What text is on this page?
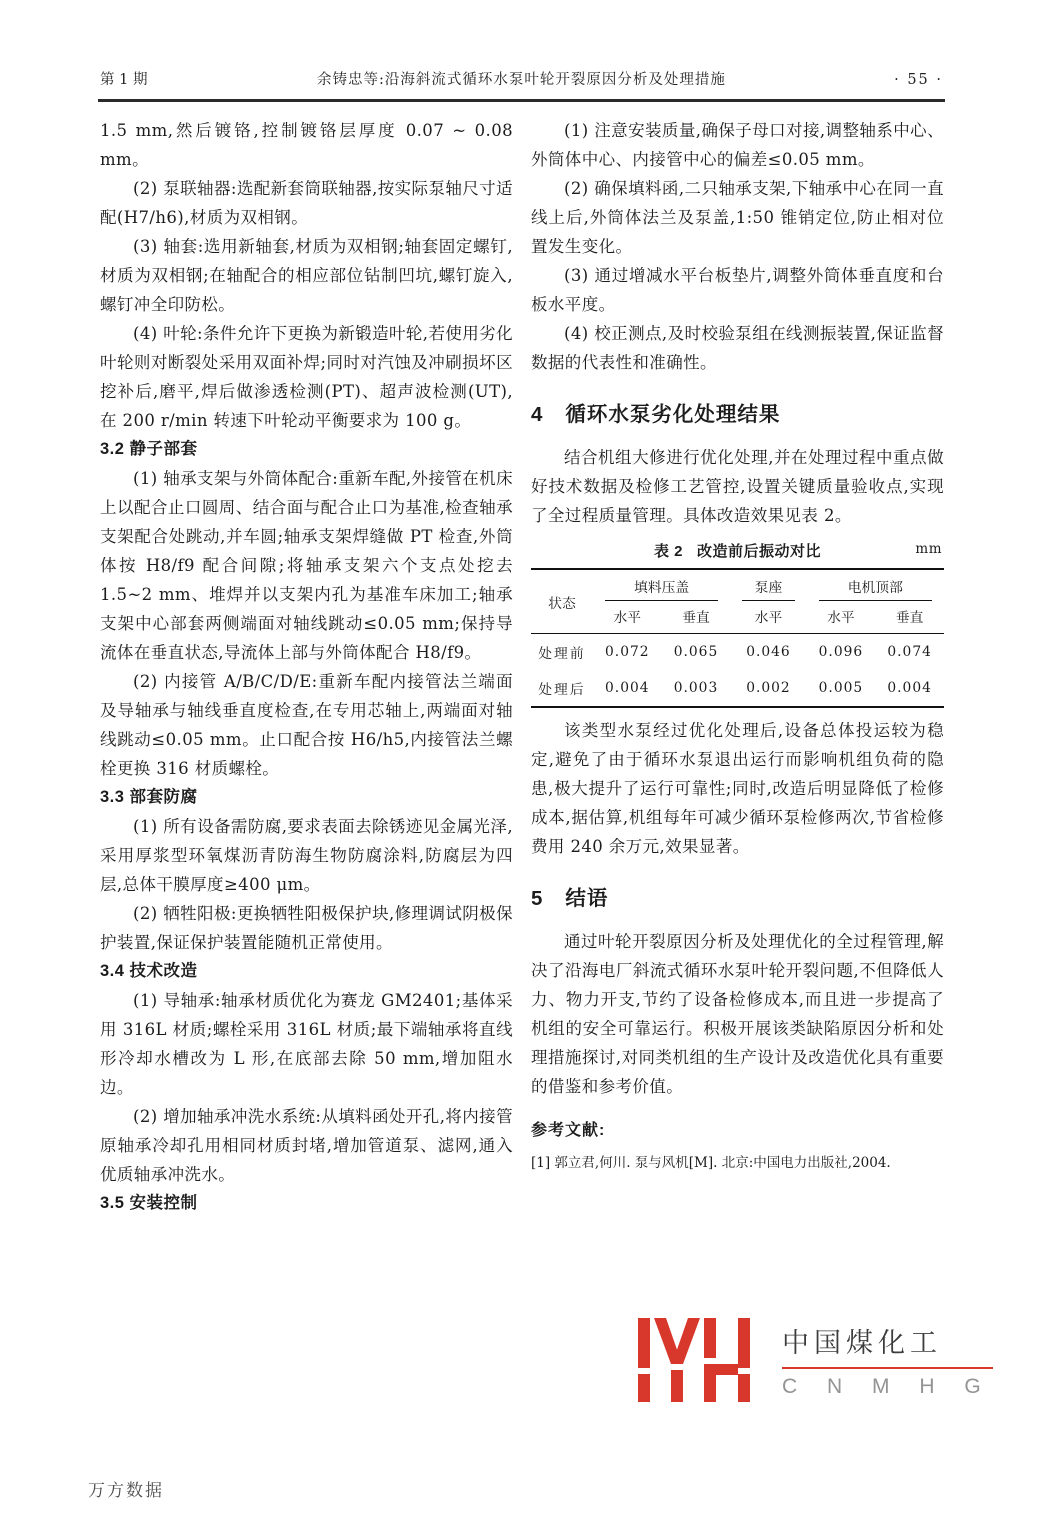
第 1 期	余铸忠等:沿海斜流式循环水泵叶轮开裂原因分析及处理措施	· 55 ·

1.5 mm,然后镀铬,控制镀铬层厚度 0.07 ~ 0.08 mm。

(2) 泵联轴器:选配新套筒联轴器,按实际泵轴尺寸适配(H7/h6),材质为双相钢。

(3) 轴套:选用新轴套,材质为双相钢;轴套固定螺钉,材质为双相钢;在轴配合的相应部位钻制凹坑,螺钉旋入,螺钉冲全印防松。

(4) 叶轮:条件允许下更换为新锻造叶轮,若使用劣化叶轮则对断裂处采用双面补焊;同时对汽蚀及冲刷损坏区挖补后,磨平,焊后做渗透检测(PT)、超声波检测(UT),在 200 r/min 转速下叶轮动平衡要求为 100 g。

3.2 静子部套

(1) 轴承支架与外筒体配合:重新车配,外接管在机床上以配合止口圆周、结合面与配合止口为基准,检查轴承支架配合处跳动,并车圆;轴承支架焊缝做 PT 检查,外筒体按 H8/f9 配合间隙;将轴承支架六个支点处挖去 1.5~2 mm、堆焊并以支架内孔为基准车床加工;轴承支架中心部套两侧端面对轴线跳动≤0.05 mm;保持导流体在垂直状态,导流体上部与外筒体配合 H8/f9。

(2) 内接管 A/B/C/D/E:重新车配内接管法兰端面及导轴承与轴线垂直度检查,在专用芯轴上,两端面对轴线跳动≤0.05 mm。止口配合按 H6/h5,内接管法兰螺栓更换 316 材质螺栓。

3.3 部套防腐

(1) 所有设备需防腐,要求表面去除锈迹见金属光泽,采用厚浆型环氧煤沥青防海生物防腐涂料,防腐层为四层,总体干膜厚度≥400 μm。

(2) 牺牲阳极:更换牺牲阳极保护块,修理调试阴极保护装置,保证保护装置能随机正常使用。

3.4 技术改造

(1) 导轴承:轴承材质优化为赛龙 GM2401;基体采用 316L 材质;螺栓采用 316L 材质;最下端轴承将直线形冷却水槽改为 L 形,在底部去除 50 mm,增加阻水边。

(2) 增加轴承冲洗水系统:从填料函处开孔,将内接管原轴承冷却孔用相同材质封堵,增加管道泵、滤网,通入优质轴承冲洗水。

3.5 安装控制

(1) 注意安装质量,确保子母口对接,调整轴系中心、外筒体中心、内接管中心的偏差≤0.05 mm。

(2) 确保填料函,二只轴承支架,下轴承中心在同一直线上后,外筒体法兰及泵盖,1:50 锥销定位,防止相对位置发生变化。

(3) 通过增减水平台板垫片,调整外筒体垂直度和台板水平度。

(4) 校正测点,及时校验泵组在线测振装置,保证监督数据的代表性和准确性。

4 循环水泵劣化处理结果

结合机组大修进行优化处理,并在处理过程中重点做好技术数据及检修工艺管控,设置关键质量验收点,实现了全过程质量管理。具体改造效果见表 2。

表 2 改造前后振动对比	mm
状态	填料压盖		泵座	电机顶部	

	水平	垂直	水平	水平	垂直
处理前	0.072	0.065	0.046	0.096	0.074
处理后	0.004	0.003	0.002	0.005	0.004

该类型水泵经过优化处理后,设备总体投运较为稳定,避免了由于循环水泵退出运行而影响机组负荷的隐患,极大提升了运行可靠性;同时,改造后明显降低了检修成本,据估算,机组每年可减少循环泵检修两次,节省检修费用 240 余万元,效果显著。

5 结语

通过叶轮开裂原因分析及处理优化的全过程管理,解决了沿海电厂斜流式循环水泵叶轮开裂问题,不但降低人力、物力开支,节约了设备检修成本,而且进一步提高了机组的安全可靠运行。积极开展该类缺陷原因分析和处理措施探讨,对同类机组的生产设计及改造优化具有重要的借鉴和参考价值。

参考文献:

[1] 郭立君,何川. 泵与风机[M]. 北京:中国电力出版社,2004.

中国煤化工
C N M H G
万方数据
